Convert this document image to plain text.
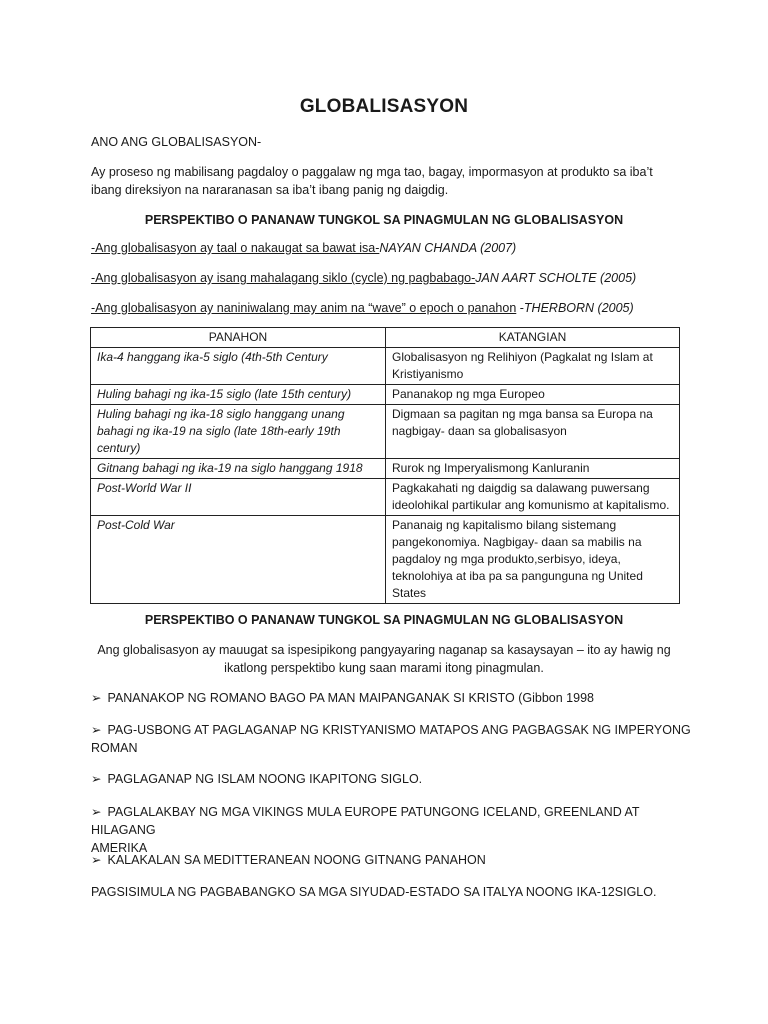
GLOBALISASYON
ANO ANG GLOBALISASYON-
Ay proseso ng mabilisang pagdaloy o paggalaw ng mga tao, bagay, impormasyon at produkto sa iba’t
ibang direksiyon na nararanasan sa iba’t ibang panig ng daigdig.
PERSPEKTIBO O PANANAW TUNGKOL SA PINAGMULAN NG GLOBALISASYON
-Ang globalisasyon ay taal o nakaugat sa bawat isa-NAYAN CHANDA (2007)
-Ang globalisasyon ay isang mahalagang siklo (cycle) ng pagbabago-JAN AART SCHOLTE (2005)
-Ang globalisasyon ay naniniwalang may anim na “wave” o epoch o panahon -THERBORN (2005)
PANAHON	KATANGIAN
Ika-4 hanggang ika-5 siglo (4th-5th Century	Globalisasyon ng Relihiyon (Pagkalat ng Islam at Kristiyanismo
Huling bahagi ng ika-15 siglo (late 15th century)	Pananakop ng mga Europeo
Huling bahagi ng ika-18 siglo hanggang unang bahagi ng ika-19 na siglo (late 18th-early 19th century)	Digmaan sa pagitan ng mga bansa sa Europa na nagbigay- daan sa globalisasyon
Gitnang bahagi ng ika-19 na siglo hanggang 1918	Rurok ng Imperyalismong Kanluranin
Post-World War II	Pagkakahati ng daigdig sa dalawang puwersang ideolohikal partikular ang komunismo at kapitalismo.
Post-Cold War	Pananaig ng kapitalismo bilang sistemang pangekonomiya. Nagbigay- daan sa mabilis na pagdaloy ng mga produkto,serbisyo, ideya, teknolohiya at iba pa sa pangunguna ng United States
PERSPEKTIBO O PANANAW TUNGKOL SA PINAGMULAN NG GLOBALISASYON
Ang globalisasyon ay mauugat sa ispesipikong pangyayaring naganap sa kasaysayan – ito ay hawig ng
ikatlong perspektibo kung saan marami itong pinagmulan.
➢ PANANAKOP NG ROMANO BAGO PA MAN MAIPANGANAK SI KRISTO (Gibbon 1998
➢ PAG-USBONG AT PAGLAGANAP NG KRISTYANISMO MATAPOS ANG PAGBAGSAK NG IMPERYONG
ROMAN
➢ PAGLAGANAP NG ISLAM NOONG IKAPITONG SIGLO.
➢ PAGLALAKBAY NG MGA VIKINGS MULA EUROPE PATUNGONG ICELAND, GREENLAND AT HILAGANG
AMERIKA
➢ KALAKALAN SA MEDITTERANEAN NOONG GITNANG PANAHON
PAGSISIMULA NG PAGBABANGKO SA MGA SIYUDAD-ESTADO SA ITALYA NOONG IKA-12SIGLO.
